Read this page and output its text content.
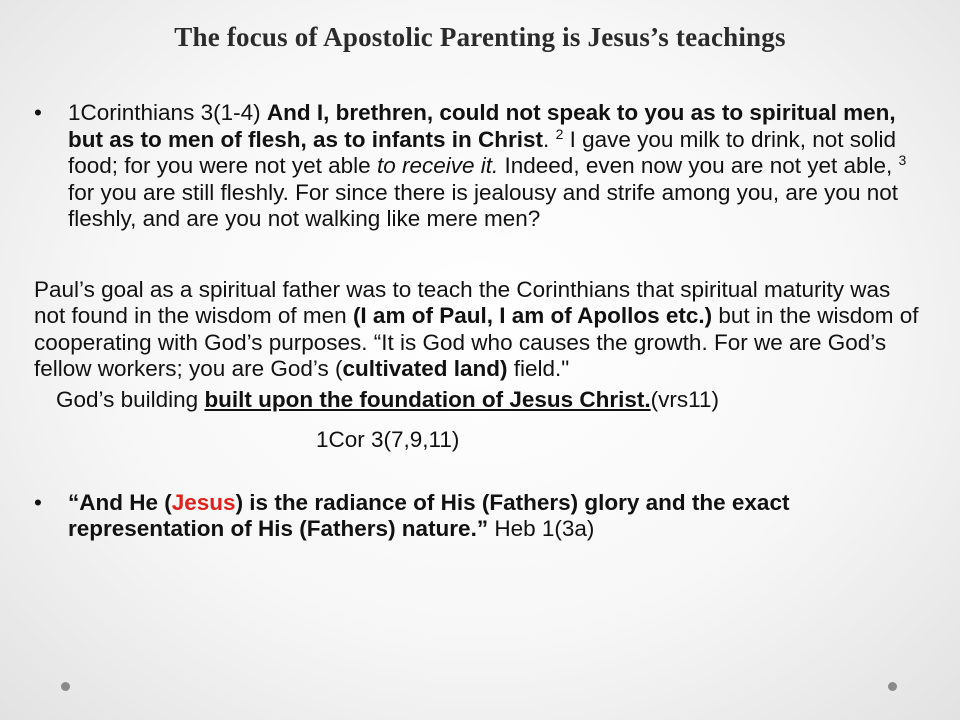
The focus of Apostolic Parenting is Jesus’s teachings
• 1Corinthians 3(1-4) And I, brethren, could not speak to you as to spiritual men, but as to men of flesh, as to infants in Christ. $^2$ I gave you milk to drink, not solid food; for you were not yet able to receive it. Indeed, even now you are not yet able, $^3$ for you are still fleshly. For since there is jealousy and strife among you, are you not fleshly, and are you not walking like mere men?
Paul’s goal as a spiritual father was to teach the Corinthians that spiritual maturity was not found in the wisdom of men (I am of Paul, I am of Apollos etc.) but in the wisdom of cooperating with God’s purposes. “It is God who causes the growth. For we are God’s fellow workers; you are God’s (cultivated land) field."
God’s building built upon the foundation of Jesus Christ.(vrs11)
1Cor 3(7,9,11)
• “And He (Jesus) is the radiance of His (Fathers) glory and the exact representation of His (Fathers) nature.” Heb 1(3a)
